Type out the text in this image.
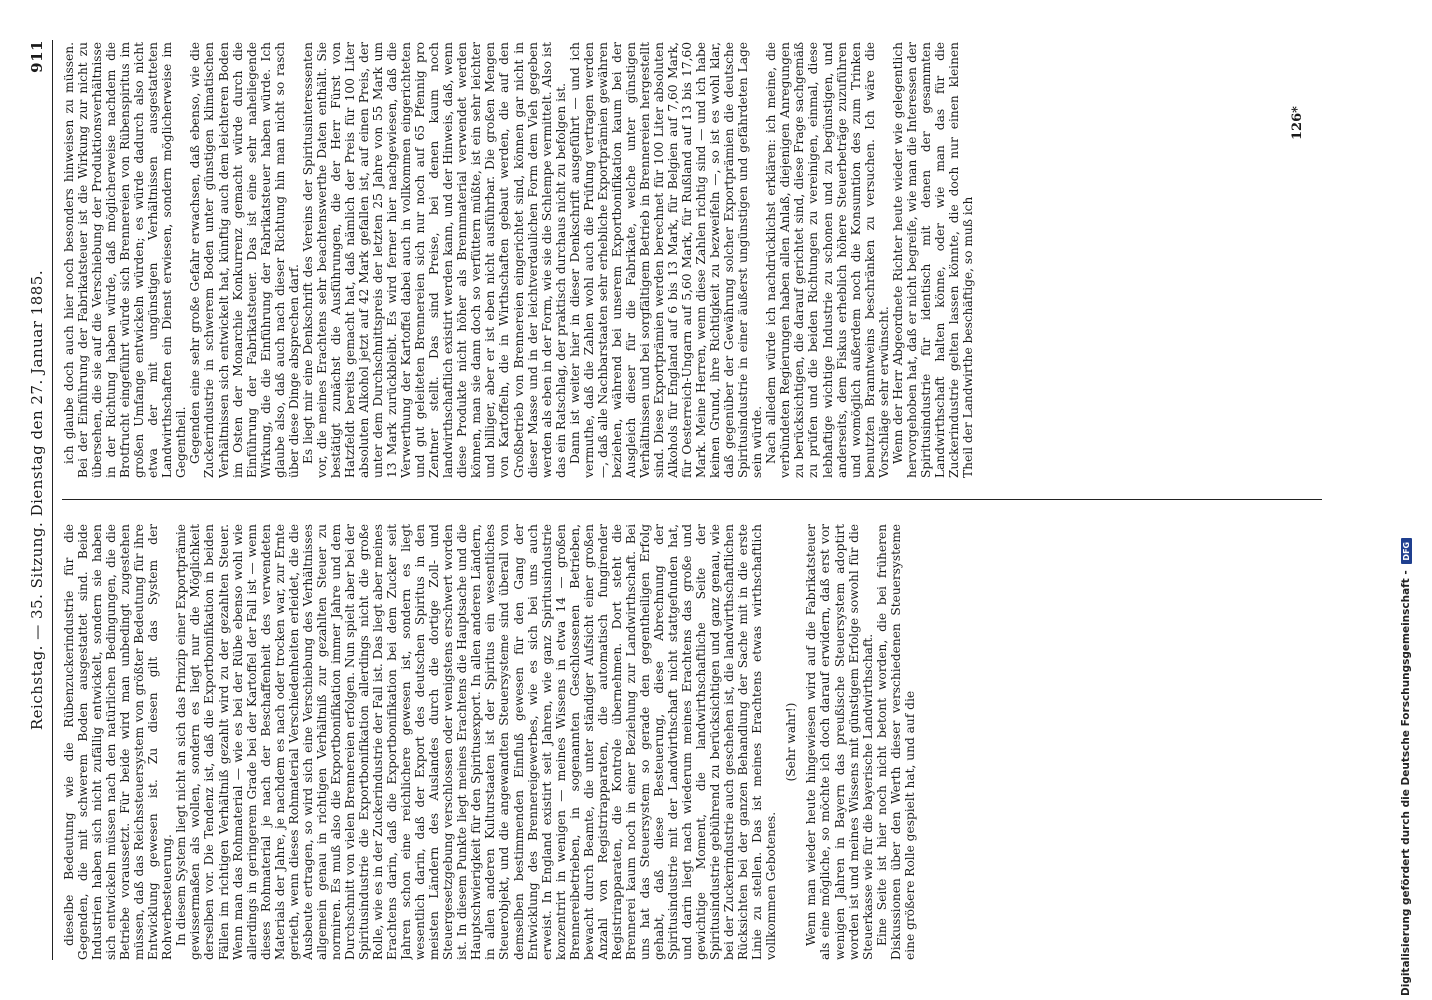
Reichstag. — 35. Sitzung. Dienstag den 27. Januar 1885.
911

dieselbe Bedeutung wie die Rübenzuckerindustrie für die Gegenden, die mit schwerem Boden ausgestattet sind. Beide Industrien haben sich nicht zufällig entwickelt, sondern sie haben sich entwickeln müssen nach den natürlichen Bedingungen, die die Betriebe voraussetzt. Für beide wird man unbedingt zugestehen müssen, daß das Reichssteuersystem von größter Bedeutung für ihre Entwicklung gewesen ist. Zu diesen gilt das System der Rohverbesteuerung. In diesem System liegt nicht an sich das Prinzip einer Exportprämie gewissermaßen als wollen, sondern es liegt nur die Möglichkeit derselben vor. Die Tendenz ist, daß die Exportbonifikation in beiden Fällen im richtigen Verhältniß gezahlt wird zu der gezahlten Steuer. Wenn man das Rohmaterial — wie es bei der Rübe ebenso wohl wie allerdings in geringerem Grade bei der Kartoffel der Fall ist — wenn dieses Rohmaterial je nach der Beschaffenheit des verwendeten Materials der Jahre, je nachdem es nach oder trocken war, zur Ernte gerieth, wenn dieses Rohmaterial Verschiedenheiten erleidet, die die Ausbeute ertragen, so wird sich eine Verschiebung des Verhältnisses allgemein genau in richtigen Verhältniß zur gezahlten Steuer zu normiren. Es muß also die Exportbonifikation immer Jahre und dem Durchschnitt von vielen Brennereien erfolgen. Nun spielt aber bei der Spiritusindustrie die Exportbonifikation allerdings nicht die große Rolle, wie es in der Zuckerindustrie der Fall ist. Das liegt aber meines Erachtens darin, daß die Exportbonifikation bei dem Zucker seit Jahren schon eine reichlichere gewesen ist, sondern es liegt wesentlich darin, daß der Export des deutschen Spiritus in den meisten Ländern des Auslandes durch die dortige Zoll- und Steuergesetzgebung verschlossen oder wenigstens erschwert worden ist. In diesem Punkte liegt meines Erachtens die Hauptsache und die Hauptschwierigkeit für den Spiritusexport. In allen anderen Ländern, in allen anderen Kulturstaaten ist der Spiritus ein wesentliches Steuerobjekt, und die angewandten Steuersysteme sind überall von demselben bestimmenden Einfluß gewesen für den Gang der Entwicklung des Brennereigewerbes, wie es sich bei uns auch erweist. In England existirt seit Jahren, wie ganz Spiritusindustrie konzentrirt in wenigen — meines Wissens in etwa 14 — großen Brennereibetrieben, in sogenannten Geschlossenen Betrieben, bewacht durch Beamte, die unter ständiger Aufsicht einer großen Anzahl von Registrirapparaten, die automatisch fungirender Registrirapparaten, die Kontrole übernehmen. Dort steht die Brennerei kaum noch in einer Beziehung zur Landwirthschaft. Bei uns hat das Steuersystem so gerade den gegentheiligen Erfolg gehabt, daß diese Besteuerung, diese Abrechnung der Spiritusindustrie mit der Landwirthschaft nicht stattgefunden hat, und darin liegt nach wiederum meines Erachtens das große und gewichtige Moment, die landwirthschaftliche Seite der Spiritusindustrie gebührend zu berücksichtigen und ganz genau, wie bei der Zuckerindustrie auch geschehen ist, die landwirthschaftlichen Rücksichten bei der ganzen Behandlung der Sache mit in die erste Linie zu stellen. Das ist meines Erachtens etwas wirthschaftlich vollkommen Gebotenes.

(Sehr wahr!) Wenn man wieder heute hingewiesen wird auf die Fabrikatsteuer als eine mögliche, so möchte ich doch darauf erwidern, daß erst vor wenigen Jahren in Bayern das preußische Steuersystem adoptirt worden ist und meines Wissens mit günstigem Erfolge sowohl für die Steuerkasse wie für die bayerische Landwirthschaft. Eine Seite ist hier noch nicht betont worden, die bei früheren Diskussionen über den Werth dieser verschiedenen Steuersysteme eine größere Rolle gespielt hat, und auf die

ich glaube doch auch hier noch besonders hinweisen zu müssen. Bei der Einführung der Fabrikatsteuer ist die Wirkung zur nicht zu übersehen, die sie auf die Verschiebung der Produktionsverhältnisse in der Richtung haben würde, daß möglicherweise nachdem die Brotfrucht eingeführt würde sich Brennereien von Rübenspiritus im großen Umfange entwickeln würden; es würde dadurch also nicht etwa der mit ungünstigen Verhältnissen ausgestatteten Landwirthschaften ein Dienst erwiesen, sondern möglicherweise im Gegentheil. Gegenden eine sehr große Gefahr erwachsen, daß ebenso, wie die Zuckerindustrie in schwerem Boden unter günstigen klimatischen Verhältnissen sich entwickelt hat, künftig auch dem leichteren Boden im Osten der Monarchie Konkurrenz gemacht würde durch die Einführung der Fabrikatsteuer. Das ist eine sehr naheliegende Wirkung, die die Einführung der Fabrikatsteuer haben würde. Ich glaube also, daß auch nach dieser Richtung hin man nicht so rasch über diese Dinge absprechen darf. Es liegt mir eine Denkschrift des Vereins der Spiritusinteressenten vor, die meines Erachtens sehr beachtenswerthe Daten enthält. Sie bestätigt zunächst die Ausführungen, die der Herr Fürst von Hatzfeldt bereits gemacht hat, daß nämlich der Preis für 100 Liter absoluten Alkohol jetzt auf 42 Mark gefallen ist, auf einen Preis, der unter dem Durchschnittspreis der letzten 25 Jahre von 55 Mark um 13 Mark zurückbleibt. Es wird ferner hier nachgewiesen, daß die Verwerthung der Kartoffel dabei auch in vollkommen eingerichteten und gut geleiteten Brennereien sich nur noch auf 65 Pfennig pro Zentner stellt. Das sind Preise, bei denen kaum noch landwirthschaftlich existirt werden kann, und der Hinweis, daß, wenn diese Produkte nicht höher als Brennmaterial verwendet werden können, man sie dann doch so verfüttern müßte, ist ein sehr leichter und billiger, aber er ist eben nicht ausführbar. Die großen Mengen von Kartoffeln, die in Wirthschaften gebaut werden, die auf den Großbetrieb von Brennereien eingerichtet sind, können gar nicht in dieser Masse und in der leichtverdaulichen Form dem Vieh gegeben werden als eben in der Form, wie sie die Schlempe vermittelt. Also ist das ein Ratschlag, der praktisch durchaus nicht zu befolgen ist. Dann ist weiter hier in dieser Denkschrift ausgeführt — und ich vermuthe, daß die Zahlen wohl auch die Prüfung vertragen werden —, daß alle Nachbarstaaten sehr erhebliche Exportprämien gewähren beziehen, während bei unserem Exportbonifikation kaum bei der Ausgleich dieser für die Fabrikate, welche unter günstigen Verhältnissen und bei sorgfältigem Betrieb in Brennereien hergestellt sind. Diese Exportprämien werden berechnet für 100 Liter absoluten Alkohols für England auf 6 bis 13 Mark, für Belgien auf 7,60 Mark, für Oesterreich-Ungarn auf 5,60 Mark, für Rußland auf 13 bis 17,60 Mark. Meine Herren, wenn diese Zahlen richtig sind — und ich habe keinen Grund, ihre Richtigkeit zu bezweifeln —, so ist es wohl klar, daß gegenüber der Gewährung solcher Exportprämien die deutsche Spiritusindustrie in einer äußerst ungünstigen und gefährdeten Lage sein würde. Nach alledem würde ich nachdrücklichst erklären: ich meine, die verbündeten Regierungen haben allen Anlaß, diejenigen Anregungen zu berücksichtigen, die darauf gerichtet sind, diese Frage sachgemäß zu prüfen und die beiden Richtungen zu vereinigen, einmal, diese lebhaftige wichtige Industrie zu schonen und zu begünstigen, und anderseits, dem Fiskus erheblich höhere Steuerbeträge zuzuführen und womöglich außerdem noch die Konsumtion des zum Trinken benutzten Branntweins beschränken zu versuchen. Ich wäre die Vorschläge sehr erwünscht. Wenn der Herr Abgeordnete Richter heute wieder wie gelegentlich hervorgehoben hat, daß er nicht begreife, wie man die Interessen der Spiritusindustrie für identisch mit denen der gesammten Landwirthschaft halten könne, oder wie man das für die Zuckerindustrie gelten lassen könnte, die doch nur einen kleinen Theil der Landwirthe beschäftige, so muß ich

126*
Digitalisierung gefördert durch die Deutsche Forschungsgemeinschaft -
DFG
